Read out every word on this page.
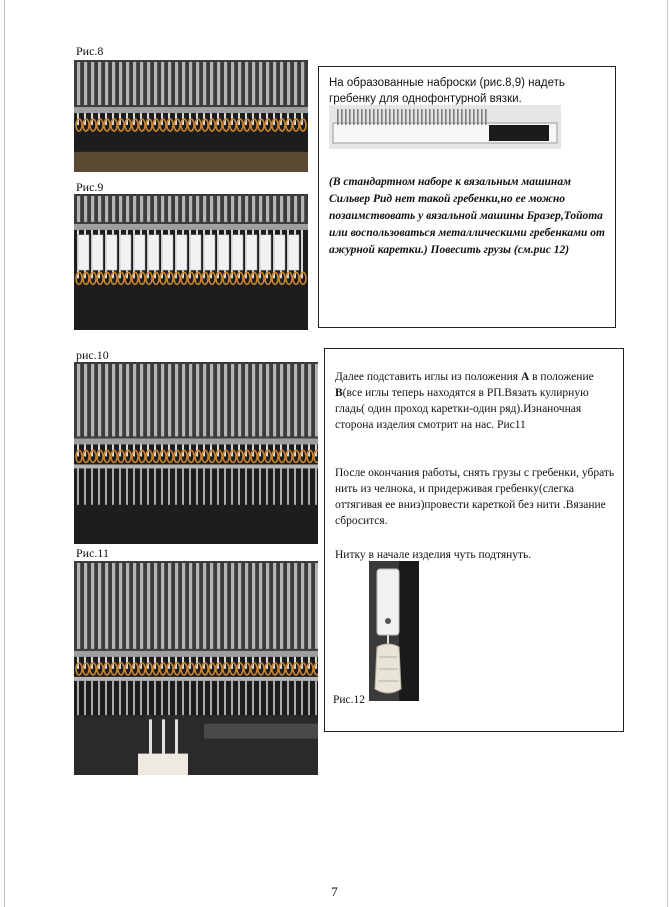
Рис.8
Рис.9
На образованные наброски (рис.8,9) надеть гребенку для однофонтурной вязки.
(В стандартном наборе к вязальным машинам Сильвер Рид нет такой гребенки,но ее можно позаимствовать у вязальной машины Бразер,Тойота или воспользоваться металлическими гребенками от ажурной каретки.) Повесить грузы (см.рис 12)
рис.10
Рис.11
Далее подставить иглы из положения А в положение В(все иглы теперь находятся в РП.Вязать кулирную гладь( один проход каретки-один ряд).Изнаночная сторона изделия смотрит на нас. Рис11
После окончания работы, снять грузы с гребенки, убрать нить из челнока, и придерживая гребенку(слегка оттягивая ее вниз)провести кареткой без нити .Вязание сбросится.
Нитку в начале изделия чуть подтянуть.
Рис.12
7
